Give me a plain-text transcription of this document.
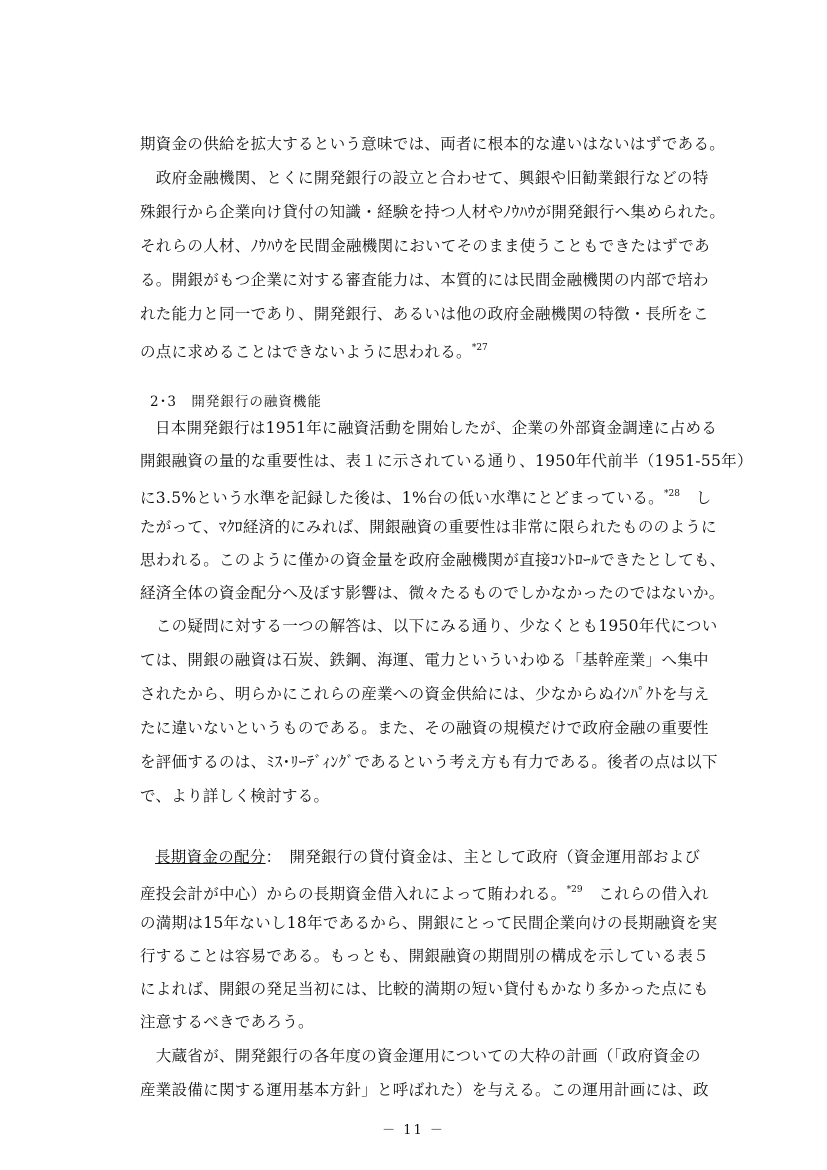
期資金の供給を拡大するという意味では、両者に根本的な違いはないはずである。
　政府金融機関、とくに開発銀行の設立と合わせて、興銀や旧勧業銀行などの特
殊銀行から企業向け貸付の知識・経験を持つ人材やﾉｳﾊｳが開発銀行へ集められた。
それらの人材、ﾉｳﾊｳを民間金融機関においてそのまま使うこともできたはずであ
る。開銀がもつ企業に対する審査能力は、本質的には民間金融機関の内部で培わ
れた能力と同一であり、開発銀行、あるいは他の政府金融機関の特徴・長所をこ
の点に求めることはできないように思われる。$^{*27}$
2･3　開発銀行の融資機能
日本開発銀行は1951年に融資活動を開始したが、企業の外部資金調達に占める
開銀融資の量的な重要性は、表１に示されている通り、1950年代前半（1951-55年）
に3.5%という水準を記録した後は、1%台の低い水準にとどまっている。$^{*28}$　し
たがって、ﾏｸﾛ経済的にみれば、開銀融資の重要性は非常に限られたもののように
思われる。このように僅かの資金量を政府金融機関が直接ｺﾝﾄﾛｰﾙできたとしても、
経済全体の資金配分へ及ぼす影響は、微々たるものでしかなかったのではないか。
　この疑問に対する一つの解答は、以下にみる通り、少なくとも1950年代につい
ては、開銀の融資は石炭、鉄鋼、海運、電力といういわゆる「基幹産業」へ集中
されたから、明らかにこれらの産業への資金供給には、少なからぬｲﾝﾊﾟｸﾄを与え
たに違いないというものである。また、その融資の規模だけで政府金融の重要性
を評価するのは、ﾐｽ･ﾘｰﾃﾞｨﾝｸﾞであるという考え方も有力である。後者の点は以下
で、より詳しく検討する。
長期資金の配分：　開発銀行の貸付資金は、主として政府（資金運用部および
産投会計が中心）からの長期資金借入れによって賄われる。$^{*29}$　これらの借入れ
の満期は15年ないし18年であるから、開銀にとって民間企業向けの長期融資を実
行することは容易である。もっとも、開銀融資の期間別の構成を示している表５
によれば、開銀の発足当初には、比較的満期の短い貸付もかなり多かった点にも
注意するべきであろう。
　大蔵省が、開発銀行の各年度の資金運用についての大枠の計画（「政府資金の
産業設備に関する運用基本方針」と呼ばれた）を与える。この運用計画には、政
－ 11 －
